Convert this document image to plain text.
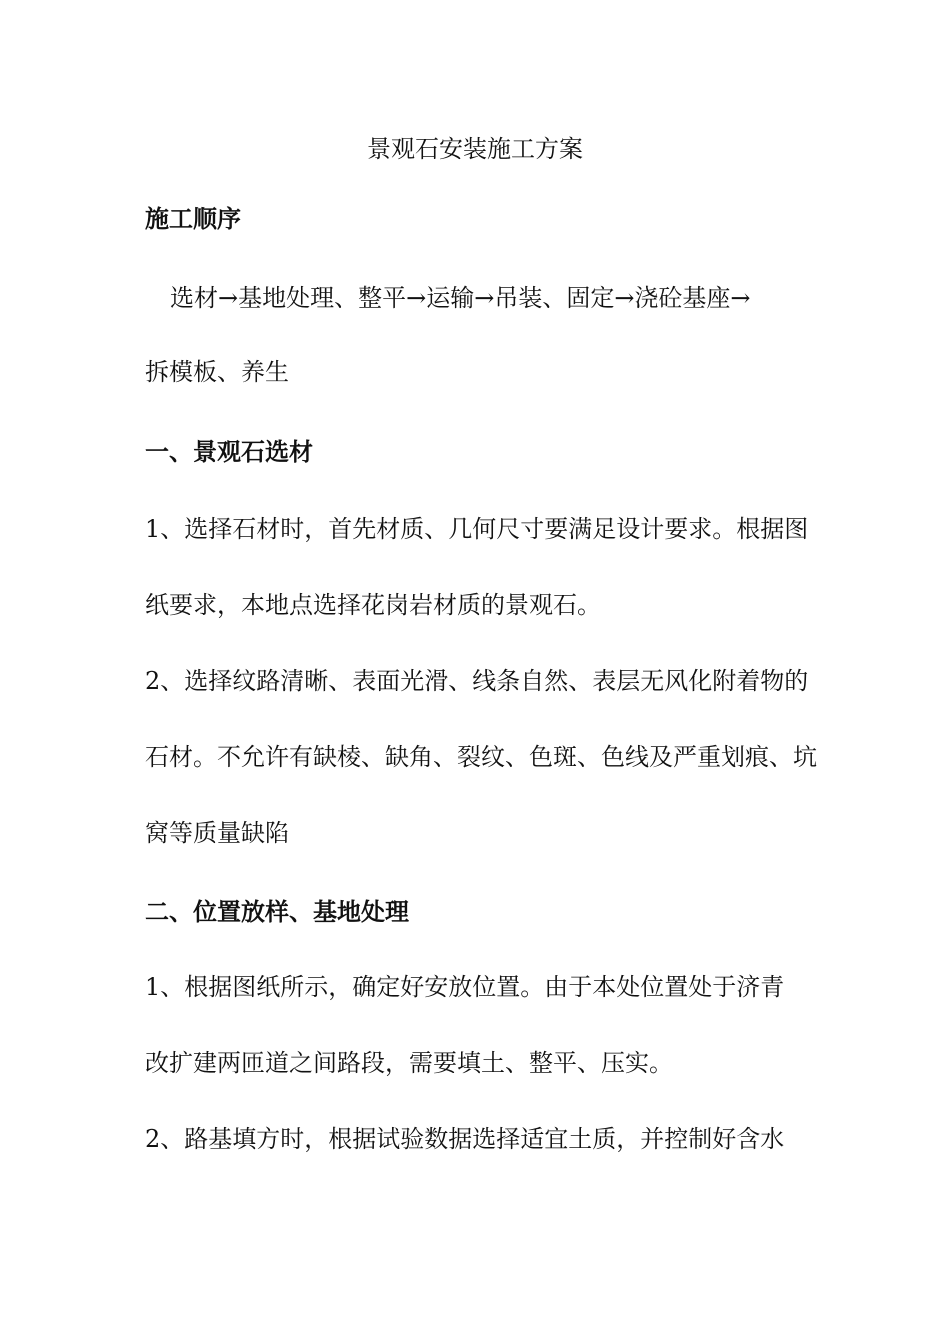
景观石安装施工方案
施工顺序
选材→基地处理、整平→运输→吊装、固定→浇砼基座→
拆模板、养生
一、景观石选材
1、选择石材时，首先材质、几何尺寸要满足设计要求。根据图
纸要求，本地点选择花岗岩材质的景观石。
2、选择纹路清晰、表面光滑、线条自然、表层无风化附着物的
石材。不允许有缺棱、缺角、裂纹、色斑、色线及严重划痕、坑
窝等质量缺陷
二、位置放样、基地处理
1、根据图纸所示，确定好安放位置。由于本处位置处于济青
改扩建两匝道之间路段，需要填土、整平、压实。
2、路基填方时，根据试验数据选择适宜土质，并控制好含水
